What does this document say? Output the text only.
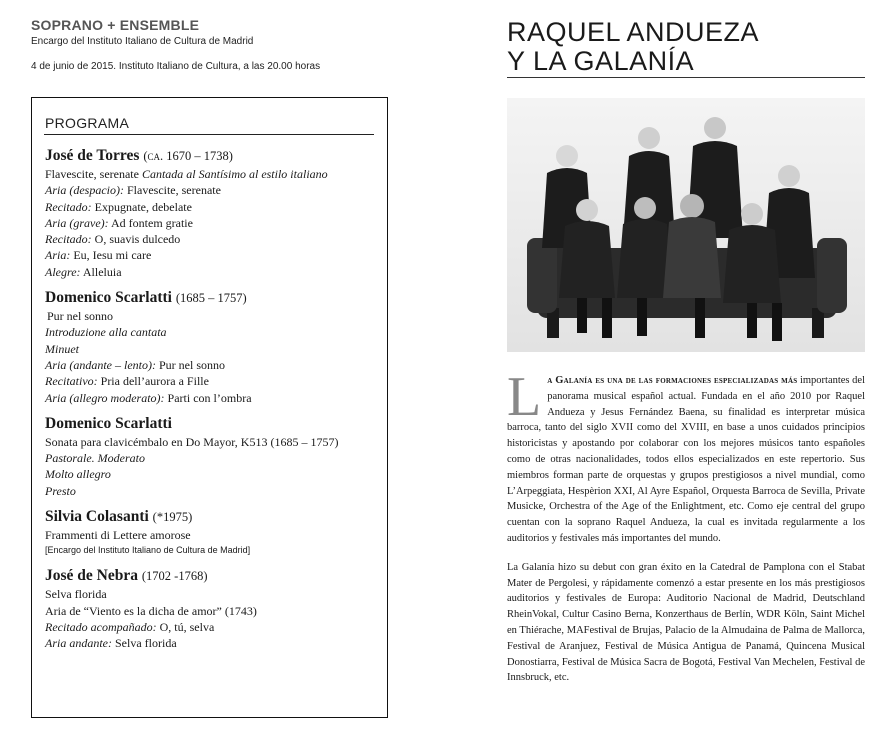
SOPRANO + ENSEMBLE
Encargo del Instituto Italiano de Cultura de Madrid
4 de junio de 2015. Instituto Italiano de Cultura, a las 20.00 horas
PROGRAMA
José de Torres (ca. 1670 – 1738)
Flavescite, serenate Cantada al Santísimo al estilo italiano
Aria (despacio): Flavescite, serenate
Recitado: Expugnate, debelate
Aria (grave): Ad fontem gratie
Recitado: O, suavis dulcedo
Aria: Eu, Iesu mi care
Alegre: Alleluia
Domenico Scarlatti (1685 – 1757)
Pur nel sonno
Introduzione alla cantata
Minuet
Aria (andante – lento): Pur nel sonno
Recitativo: Pria dell’aurora a Fille
Aria (allegro moderato): Parti con l’ombra
Domenico Scarlatti
Sonata para clavicémbalo en Do Mayor, K513 (1685 – 1757)
Pastorale. Moderato
Molto allegro
Presto
Silvia Colasanti (*1975)
Frammenti di Lettere amorose
[Encargo del Instituto Italiano de Cultura de Madrid]
José de Nebra (1702 -1768)
Selva florida
Aria de “Viento es la dicha de amor” (1743)
Recitado acompañado: O, tú, selva
Aria andante: Selva florida
RAQUEL ANDUEZA
Y LA GALANÍA

La Galanía es una de las formaciones especializadas más importantes del panorama musical español actual. Fundada en el año 2010 por Raquel Andueza y Jesus Fernández Baena, su finalidad es interpretar música barroca, tanto del siglo XVII como del XVIII, en base a unos cuidados principios historicistas y apostando por colaborar con los mejores músicos tanto españoles como de otras nacionalidades, todos ellos especializados en este repertorio. Sus miembros forman parte de orquestas y grupos prestigiosos a nivel mundial, como L’Arpeggiata, Hespèrion XXI, Al Ayre Español, Orquesta Barroca de Sevilla, Private Musicke, Orchestra of the Age of the Enlightment, etc. Como eje central del grupo cuentan con la soprano Raquel Andueza, la cual es invitada regularmente a los auditorios y festivales más importantes del mundo.

La Galanía hizo su debut con gran éxito en la Catedral de Pamplona con el Stabat Mater de Pergolesi, y rápidamente comenzó a estar presente en los más prestigiosos auditorios y festivales de Europa: Auditorio Nacional de Madrid, Deutschland RheinVokal, Cultur Casino Berna, Konzerthaus de Berlín, WDR Köln, Saint Michel en Thiérache, MAFestival de Brujas, Palacio de la Almudaina de Palma de Mallorca, Festival de Aranjuez, Festival de Música Antigua de Panamá, Quincena Musical Donostiarra, Festival de Música Sacra de Bogotá, Festival Van Mechelen, Festival de Innsbruck, etc.
